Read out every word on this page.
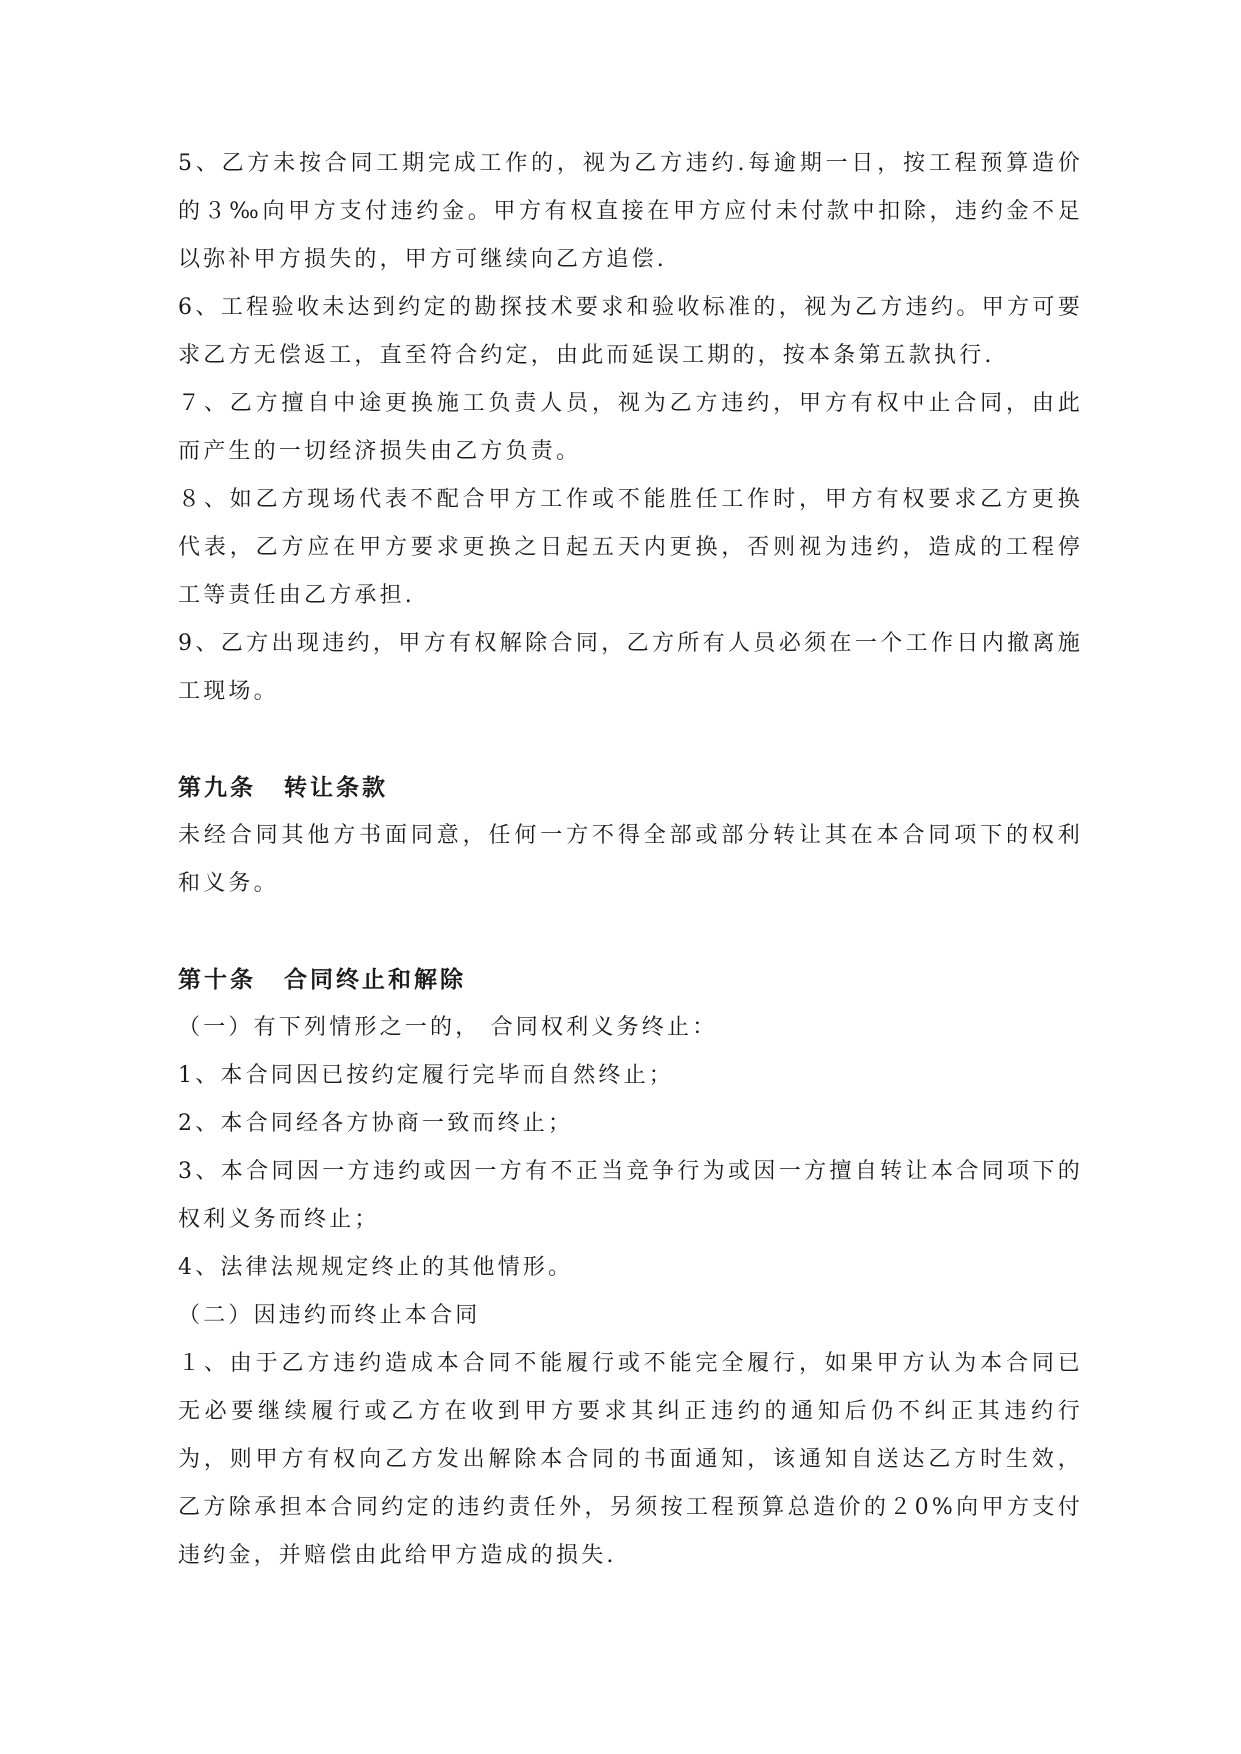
5、乙方未按合同工期完成工作的，视为乙方违约.每逾期一日，按工程预算造价的３‰向甲方支付违约金。甲方有权直接在甲方应付未付款中扣除，违约金不足以弥补甲方损失的，甲方可继续向乙方追偿.

6、工程验收未达到约定的勘探技术要求和验收标准的，视为乙方违约。甲方可要求乙方无偿返工，直至符合约定，由此而延误工期的，按本条第五款执行.

７、乙方擅自中途更换施工负责人员，视为乙方违约，甲方有权中止合同，由此而产生的一切经济损失由乙方负责。

８、如乙方现场代表不配合甲方工作或不能胜任工作时，甲方有权要求乙方更换代表，乙方应在甲方要求更换之日起五天内更换，否则视为违约，造成的工程停工等责任由乙方承担.

9、乙方出现违约，甲方有权解除合同，乙方所有人员必须在一个工作日内撤离施工现场。

第九条 转让条款

未经合同其他方书面同意，任何一方不得全部或部分转让其在本合同项下的权利和义务。

第十条 合同终止和解除

（一）有下列情形之一的， 合同权利义务终止：

1、本合同因已按约定履行完毕而自然终止；

2、本合同经各方协商一致而终止；

3、本合同因一方违约或因一方有不正当竞争行为或因一方擅自转让本合同项下的权利义务而终止；

4、法律法规规定终止的其他情形。

（二）因违约而终止本合同

１、由于乙方违约造成本合同不能履行或不能完全履行，如果甲方认为本合同已无必要继续履行或乙方在收到甲方要求其纠正违约的通知后仍不纠正其违约行为，则甲方有权向乙方发出解除本合同的书面通知，该通知自送达乙方时生效，乙方除承担本合同约定的违约责任外，另须按工程预算总造价的２0%向甲方支付违约金，并赔偿由此给甲方造成的损失.
